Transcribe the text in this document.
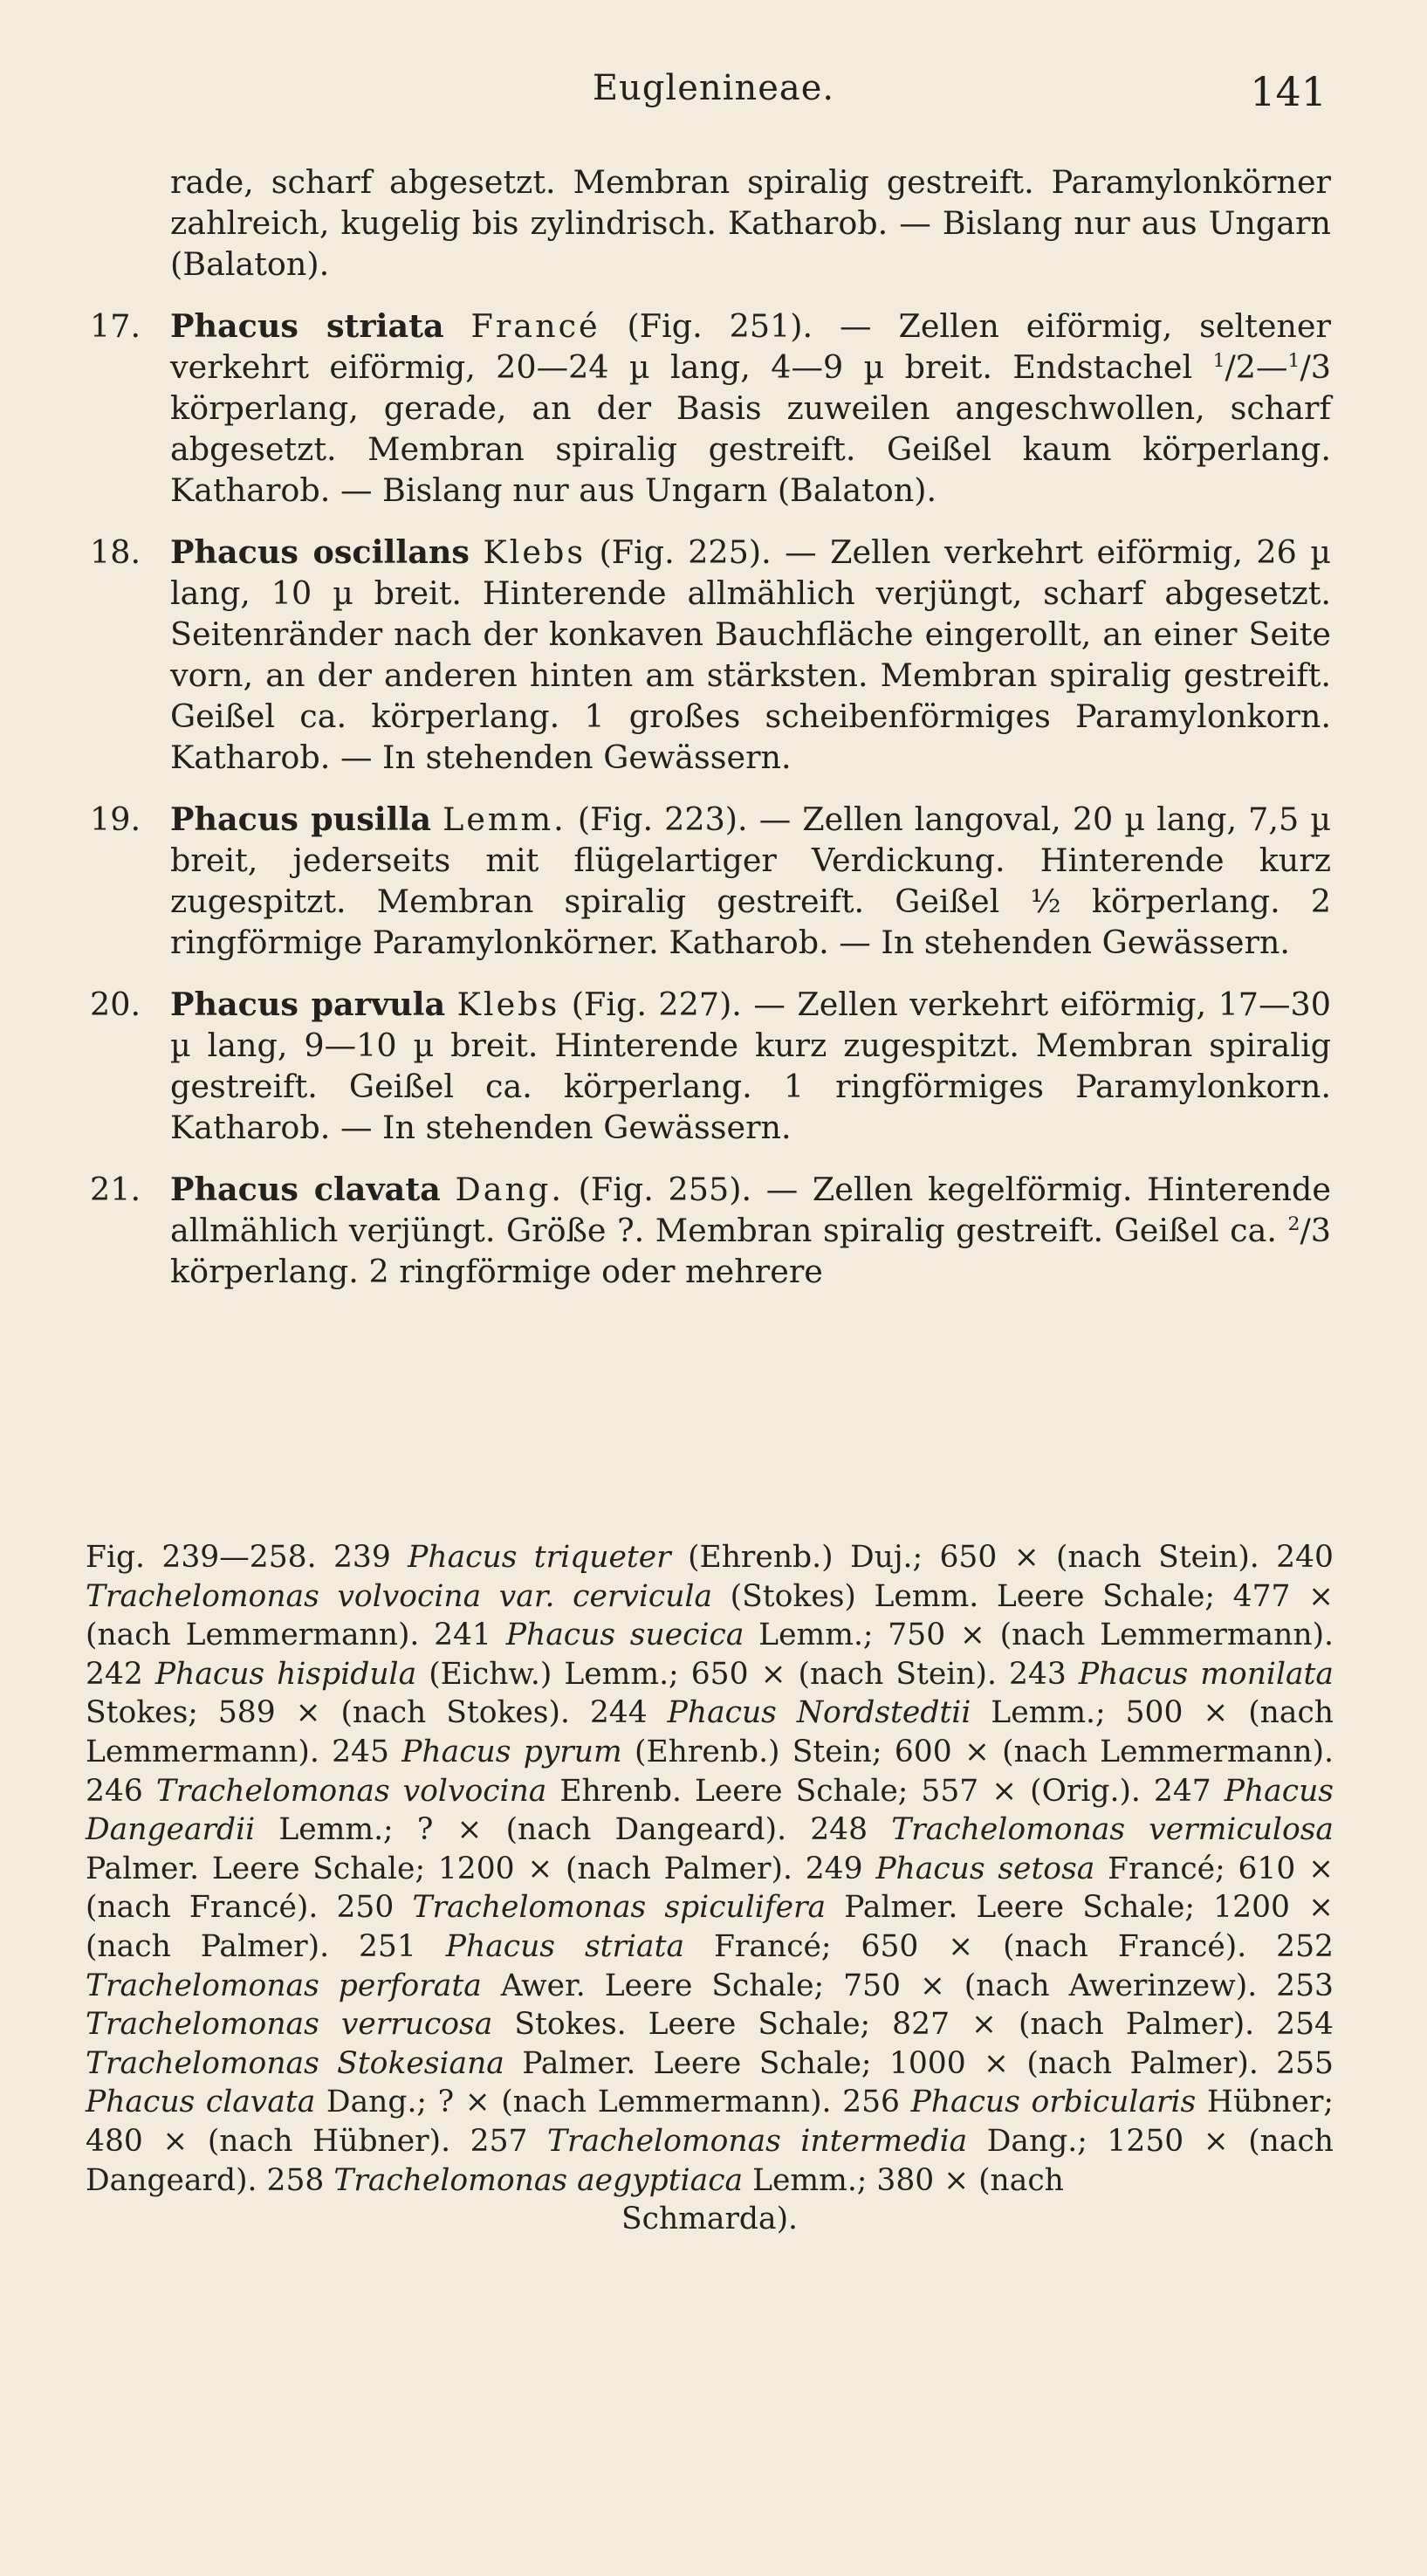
Euglenineae.	141

rade, scharf abgesetzt. Membran spiralig gestreift. Paramylonkörner zahlreich, kugelig bis zylindrisch. Katharob. — Bislang nur aus Ungarn (Balaton).

17. Phacus striata Francé (Fig. 251). — Zellen eiförmig, seltener verkehrt eiförmig, 20—24 µ lang, 4—9 µ breit. Endstachel $^1$/2—$^1$/3 körperlang, gerade, an der Basis zuweilen angeschwollen, scharf abgesetzt. Membran spiralig gestreift. Geißel kaum körperlang. Katharob. — Bislang nur aus Ungarn (Balaton).

18. Phacus oscillans Klebs (Fig. 225). — Zellen verkehrt eiförmig, 26 µ lang, 10 µ breit. Hinterende allmählich verjüngt, scharf abgesetzt. Seitenränder nach der konkaven Bauchfläche eingerollt, an einer Seite vorn, an der anderen hinten am stärksten. Membran spiralig gestreift. Geißel ca. körperlang. 1 großes scheibenförmiges Paramylonkorn. Katharob. — In stehenden Gewässern.

19. Phacus pusilla Lemm. (Fig. 223). — Zellen langoval, 20 µ lang, 7,5 µ breit, jederseits mit flügelartiger Verdickung. Hinterende kurz zugespitzt. Membran spiralig gestreift. Geißel ½ körperlang. 2 ringförmige Paramylonkörner. Katharob. — In stehenden Gewässern.

20. Phacus parvula Klebs (Fig. 227). — Zellen verkehrt eiförmig, 17—30 µ lang, 9—10 µ breit. Hinterende kurz zugespitzt. Membran spiralig gestreift. Geißel ca. körperlang. 1 ringförmiges Paramylonkorn. Katharob. — In stehenden Gewässern.

21. Phacus clavata Dang. (Fig. 255). — Zellen kegelförmig. Hinterende allmählich verjüngt. Größe ?. Membran spiralig gestreift. Geißel ca. $^2$/3 körperlang. 2 ringförmige oder mehrere

Fig. 239—258. 239 Phacus triqueter (Ehrenb.) Duj.; 650 × (nach Stein). 240 Trachelomonas volvocina var. cervicula (Stokes) Lemm. Leere Schale; 477 × (nach Lemmermann). 241 Phacus suecica Lemm.; 750 × (nach Lemmermann). 242 Phacus hispidula (Eichw.) Lemm.; 650 × (nach Stein). 243 Phacus monilata Stokes; 589 × (nach Stokes). 244 Phacus Nordstedtii Lemm.; 500 × (nach Lemmermann). 245 Phacus pyrum (Ehrenb.) Stein; 600 × (nach Lemmermann). 246 Trachelomonas volvocina Ehrenb. Leere Schale; 557 × (Orig.). 247 Phacus Dangeardii Lemm.; ? × (nach Dangeard). 248 Trachelomonas vermiculosa Palmer. Leere Schale; 1200 × (nach Palmer). 249 Phacus setosa Francé; 610 × (nach Francé). 250 Trachelomonas spiculifera Palmer. Leere Schale; 1200 × (nach Palmer). 251 Phacus striata Francé; 650 × (nach Francé). 252 Trachelomonas perforata Awer. Leere Schale; 750 × (nach Awerinzew). 253 Trachelomonas verrucosa Stokes. Leere Schale; 827 × (nach Palmer). 254 Trachelomonas Stokesiana Palmer. Leere Schale; 1000 × (nach Palmer). 255 Phacus clavata Dang.; ? × (nach Lemmermann). 256 Phacus orbicularis Hübner; 480 × (nach Hübner). 257 Trachelomonas intermedia Dang.; 1250 × (nach Dangeard). 258 Trachelomonas aegyptiaca Lemm.; 380 × (nach

Schmarda).
